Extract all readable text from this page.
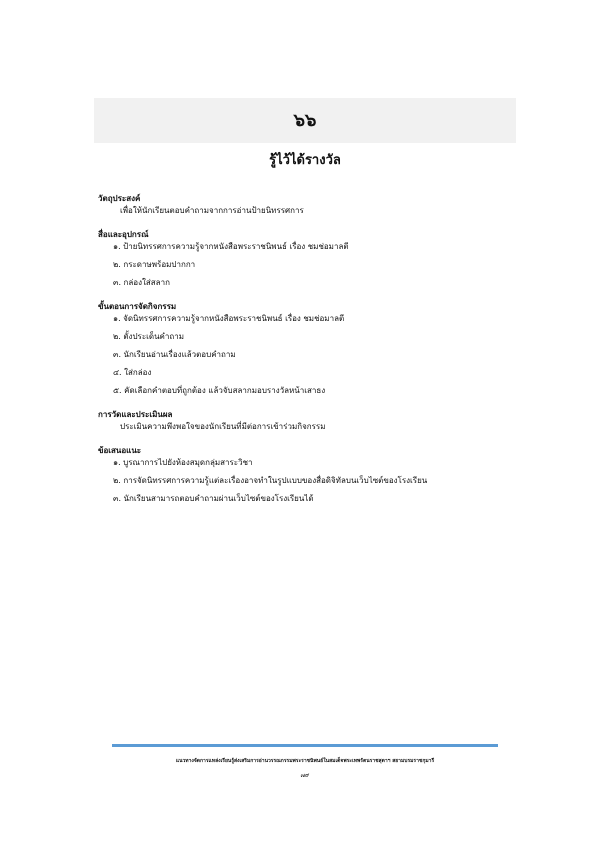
๖๖
รู้ไว้ได้รางวัล
วัตถุประสงค์
เพื่อให้นักเรียนตอบคำถามจากการอ่านป้ายนิทรรศการ
สื่อและอุปกรณ์
๑. ป้ายนิทรรศการความรู้จากหนังสือพระราชนิพนธ์ เรื่อง ชมช่อมาลตี
๒. กระดาษพร้อมปากกา
๓. กล่องใส่สลาก
ขั้นตอนการจัดกิจกรรม
๑. จัดนิทรรศการความรู้จากหนังสือพระราชนิพนธ์ เรื่อง ชมช่อมาลตี
๒. ตั้งประเด็นคำถาม
๓. นักเรียนอ่านเรื่องแล้วตอบคำถาม
๔. ใส่กล่อง
๕. คัดเลือกคำตอบที่ถูกต้อง แล้วจับสลากมอบรางวัลหน้าเสาธง
การวัดและประเมินผล
ประเมินความพึงพอใจของนักเรียนที่มีต่อการเข้าร่วมกิจกรรม
ข้อเสนอแนะ
๑. บูรณาการไปยังห้องสมุดกลุ่มสาระวิชา
๒. การจัดนิทรรศการความรู้แต่ละเรื่องอาจทำในรูปแบบของสื่อดิจิทัลบนเว็บไซต์ของโรงเรียน
๓. นักเรียนสามารถตอบคำถามผ่านเว็บไซต์ของโรงเรียนได้
แนวทางจัดการแหล่งเรียนรู้ส่งเสริมการอ่านวรรณกรรมพระราชนิพนธ์ในสมเด็จพระเทพรัตนราชสุดาฯ สยามบรมราชกุมารี
๗๙
